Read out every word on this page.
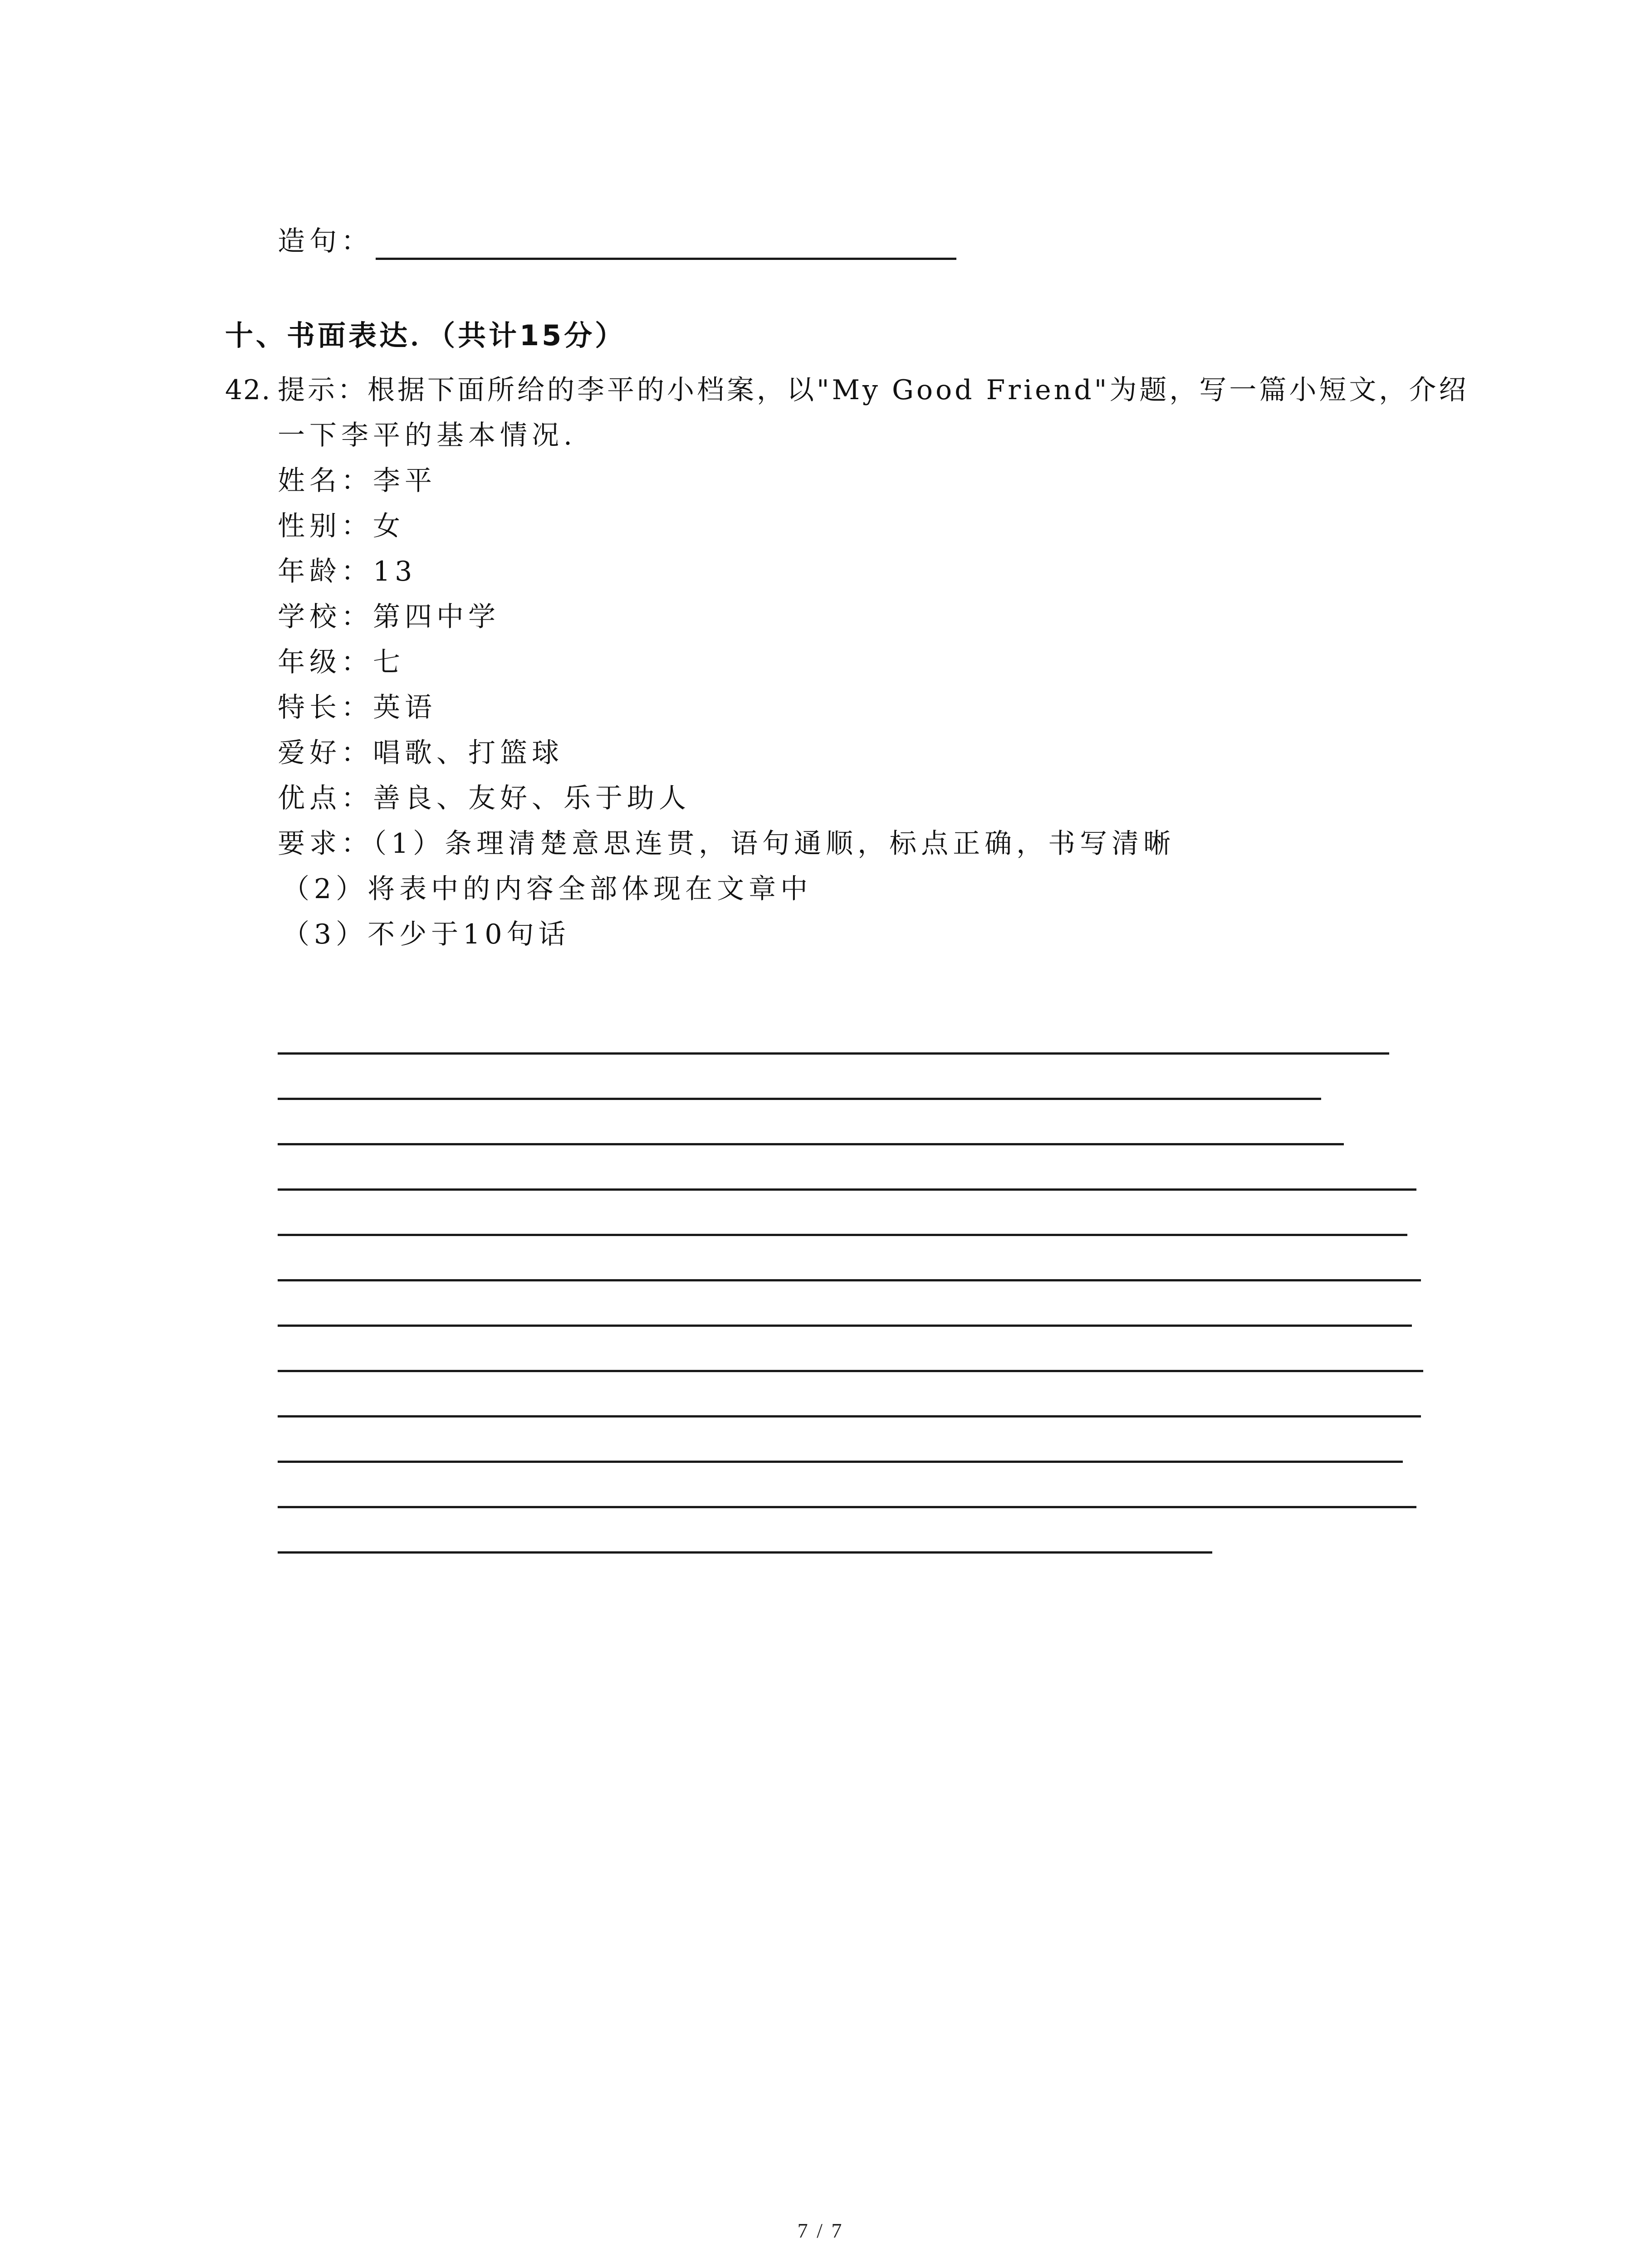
造句：
十、书面表达．（共计15分）
42. 提示：根据下面所给的李平的小档案，以"My Good Friend"为题，写一篇小短文，介绍
一下李平的基本情况.
姓名：李平
性别：女
年龄：13
学校：第四中学
年级：七
特长：英语
爱好：唱歌、打篮球
优点：善良、友好、乐于助人
要求：（1）条理清楚意思连贯，语句通顺，标点正确，书写清晰
（2）将表中的内容全部体现在文章中
（3）不少于10句话
7 / 7
